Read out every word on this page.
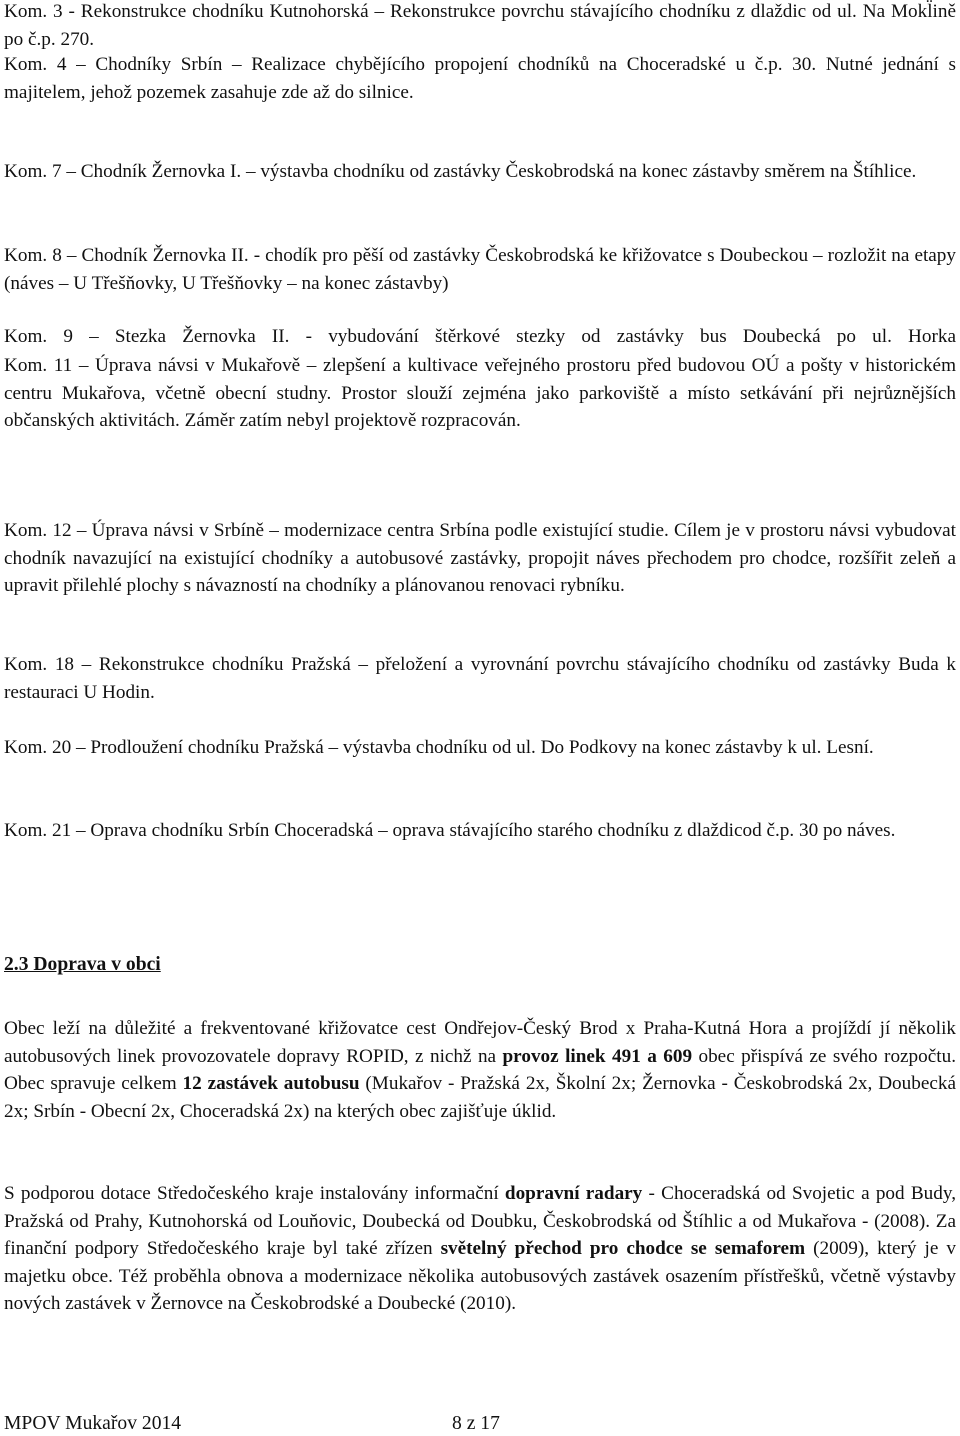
Kom. 3 - Rekonstrukce chodníku Kutnohorská – Rekonstrukce povrchu stávajícího chodníku z dlaždic od ul. Na Mokl̈ině po č.p. 270.

Kom. 4 – Chodníky Srbín – Realizace chybějícího propojení chodníků na Choceradské u č.p. 30. Nutné jednání s majitelem, jehož pozemek zasahuje zde až do silnice.

Kom. 7 – Chodník Žernovka I. – výstavba chodníku od zastávky Českobrodská na konec zástavby směrem na Štíhlice.

Kom. 8 – Chodník Žernovka II. - chodík pro pěší od zastávky Českobrodská ke křižovatce s Doubeckou – rozložit na etapy (náves – U Třešňovky, U Třešňovky – na konec zástavby)

Kom. 9 – Stezka Žernovka II. - vybudování štěrkové stezky od zastávky bus Doubecká po ul. Horka

Kom. 11 – Úprava návsi v Mukařově – zlepšení a kultivace veřejného prostoru před budovou OÚ a pošty v historickém centru Mukařova, včetně obecní studny. Prostor slouží zejména jako parkoviště a místo setkávání při nejrůznějších občanských aktivitách. Záměr zatím nebyl projektově rozpracován.

Kom. 12 – Úprava návsi v Srbíně – modernizace centra Srbína podle existující studie. Cílem je v prostoru návsi vybudovat chodník navazující na existující chodníky a autobusové zastávky, propojit náves přechodem pro chodce, rozšířit zeleň a upravit přilehlé plochy s návazností na chodníky a plánovanou renovaci rybníku.

Kom. 18 – Rekonstrukce chodníku Pražská – přeložení a vyrovnání povrchu stávajícího chodníku od zastávky Buda k restauraci U Hodin.

Kom. 20 – Prodloužení chodníku Pražská – výstavba chodníku od ul. Do Podkovy na konec zástavby k ul. Lesní.

Kom. 21 – Oprava chodníku Srbín Choceradská – oprava stávajícího starého chodníku z dlaždicod č.p. 30 po náves.

2.3 Doprava v obci

Obec leží na důležité a frekventované křižovatce cest Ondřejov-Český Brod x Praha-Kutná Hora a projíždí jí několik autobusových linek provozovatele dopravy ROPID, z nichž na provoz linek 491 a 609 obec přispívá ze svého rozpočtu. Obec spravuje celkem 12 zastávek autobusu (Mukařov - Pražská 2x, Školní 2x; Žernovka - Českobrodská 2x, Doubecká 2x; Srbín - Obecní 2x, Choceradská 2x) na kterých obec zajišťuje úklid.

S podporou dotace Středočeského kraje instalovány informační dopravní radary - Choceradská od Svojetic a pod Budy, Pražská od Prahy, Kutnohorská od Louňovic, Doubecká od Doubku, Českobrodská od Štíhlic a od Mukařova - (2008). Za finanční podpory Středočeského kraje byl také zřízen světelný přechod pro chodce se semaforem (2009), který je v majetku obce. Též proběhla obnova a modernizace několika autobusových zastávek osazením přístřešků, včetně výstavby nových zastávek v Žernovce na Českobrodské a Doubecké (2010).

MPOV Mukařov 2014	8 z 17
